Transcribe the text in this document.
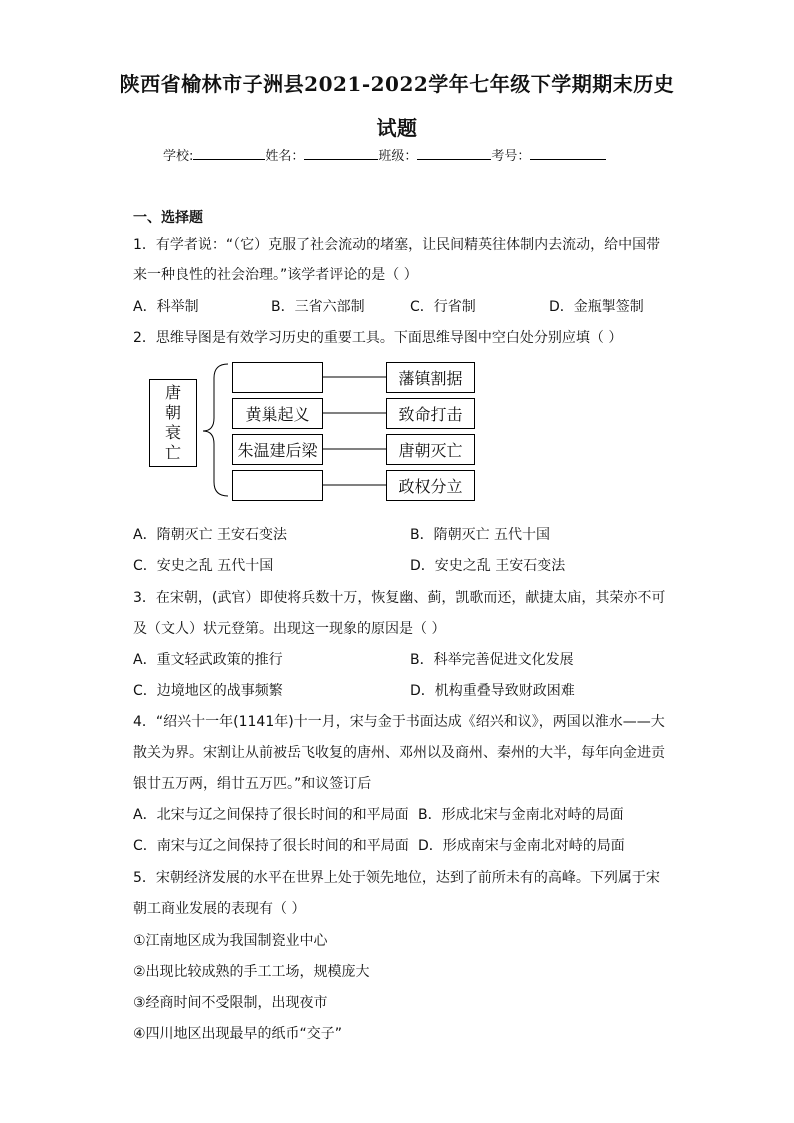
陕西省榆林市子洲县2021-2022学年七年级下学期期末历史
试题
学校:	姓名：	班级：	考号：
一、选择题
1．有学者说：“（它）克服了社会流动的堵塞，让民间精英往体制内去流动，给中国带
来一种良性的社会治理。”该学者评论的是（ ）
A．科举制	B．三省六部制	C．行省制	D．金瓶掣签制
2．思维导图是有效学习历史的重要工具。下面思维导图中空白处分别应填（ ）
唐
朝
衰
亡
黄巢起义
朱温建后梁
藩镇割据
致命打击
唐朝灭亡
政权分立
A．隋朝灭亡 王安石变法	B．隋朝灭亡 五代十国
C．安史之乱 五代十国	D．安史之乱 王安石变法
3．在宋朝，(武官）即使将兵数十万，恢复幽、蓟，凯歌而还，献捷太庙，其荣亦不可
及（文人）状元登第。出现这一现象的原因是（ ）
A．重文轻武政策的推行	B．科举完善促进文化发展
C．边境地区的战事频繁	D．机构重叠导致财政困难
4．“绍兴十一年(1141年)十一月，宋与金于书面达成《绍兴和议》，两国以淮水——大
散关为界。宋割让从前被岳飞收复的唐州、邓州以及商州、秦州的大半，每年向金进贡
银廿五万两，绢廿五万匹。”和议签订后
A．北宋与辽之间保持了很长时间的和平局面 B．形成北宋与金南北对峙的局面
C．南宋与辽之间保持了很长时间的和平局面 D．形成南宋与金南北对峙的局面
5．宋朝经济发展的水平在世界上处于领先地位，达到了前所未有的高峰。下列属于宋
朝工商业发展的表现有（ ）
①江南地区成为我国制瓷业中心
②出现比较成熟的手工工场，规模庞大
③经商时间不受限制，出现夜市
④四川地区出现最早的纸币“交子”
